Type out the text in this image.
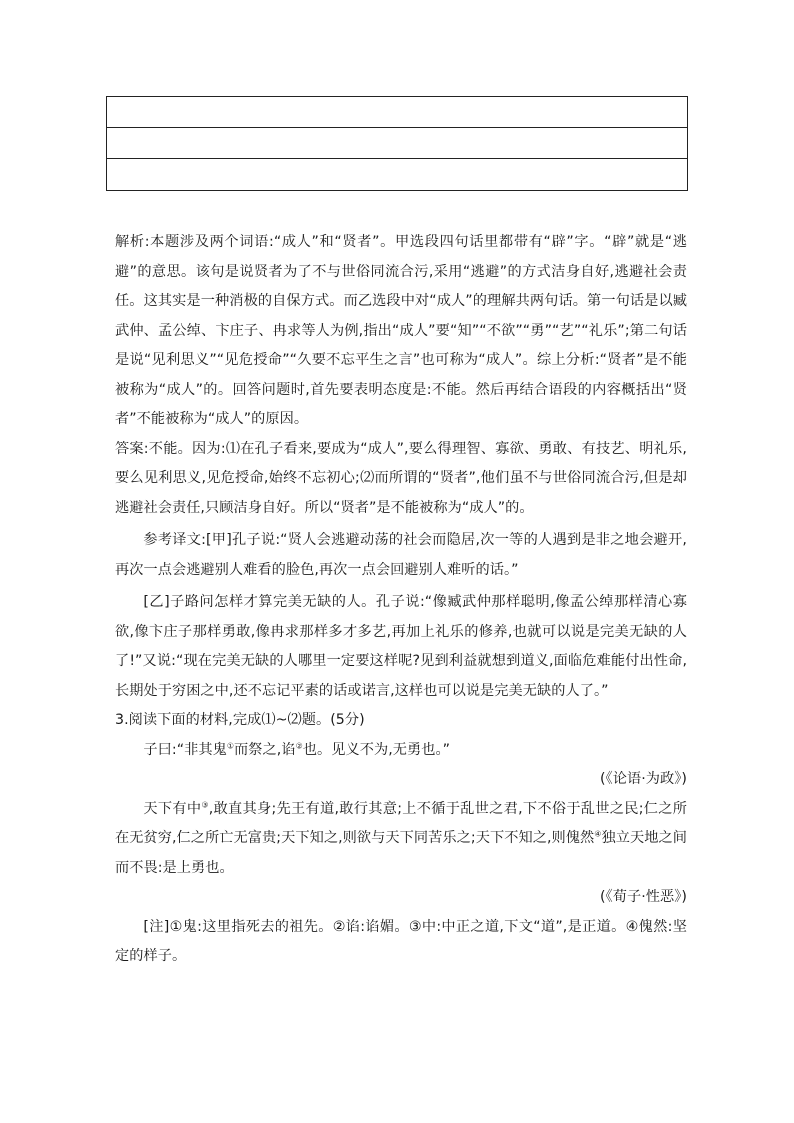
解析:本题涉及两个词语:“成人”和“贤者”。甲选段四句话里都带有“辟”字。“辟”就是“逃避”的意思。该句是说贤者为了不与世俗同流合污,采用“逃避”的方式洁身自好,逃避社会责任。这其实是一种消极的自保方式。而乙选段中对“成人”的理解共两句话。第一句话是以臧武仲、孟公绰、卞庄子、冉求等人为例,指出“成人”要“知”“不欲”“勇”“艺”“礼乐”;第二句话是说“见利思义”“见危授命”“久要不忘平生之言”也可称为“成人”。综上分析:“贤者”是不能被称为“成人”的。回答问题时,首先要表明态度是:不能。然后再结合语段的内容概括出“贤者”不能被称为“成人”的原因。

答案:不能。因为:⑴在孔子看来,要成为“成人”,要么得理智、寡欲、勇敢、有技艺、明礼乐,要么见利思义,见危授命,始终不忘初心;⑵而所谓的“贤者”,他们虽不与世俗同流合污,但是却逃避社会责任,只顾洁身自好。所以“贤者”是不能被称为“成人”的。

参考译文:[甲]孔子说:“贤人会逃避动荡的社会而隐居,次一等的人遇到是非之地会避开,再次一点会逃避别人难看的脸色,再次一点会回避别人难听的话。”

[乙]子路问怎样才算完美无缺的人。孔子说:“像臧武仲那样聪明,像孟公绰那样清心寡欲,像卞庄子那样勇敢,像冉求那样多才多艺,再加上礼乐的修养,也就可以说是完美无缺的人了!”又说:“现在完美无缺的人哪里一定要这样呢?见到利益就想到道义,面临危难能付出性命,长期处于穷困之中,还不忘记平素的话或诺言,这样也可以说是完美无缺的人了。”

3.阅读下面的材料,完成⑴~⑵题。(5分)

子曰:“非其鬼①而祭之,谄②也。见义不为,无勇也。”

(《论语·为政》)

天下有中③,敢直其身;先王有道,敢行其意;上不循于乱世之君,下不俗于乱世之民;仁之所在无贫穷,仁之所亡无富贵;天下知之,则欲与天下同苦乐之;天下不知之,则傀然④独立天地之间而不畏:是上勇也。

(《荀子·性恶》)

[注]①鬼:这里指死去的祖先。②谄:谄媚。③中:中正之道,下文“道”,是正道。④傀然:坚定的样子。
